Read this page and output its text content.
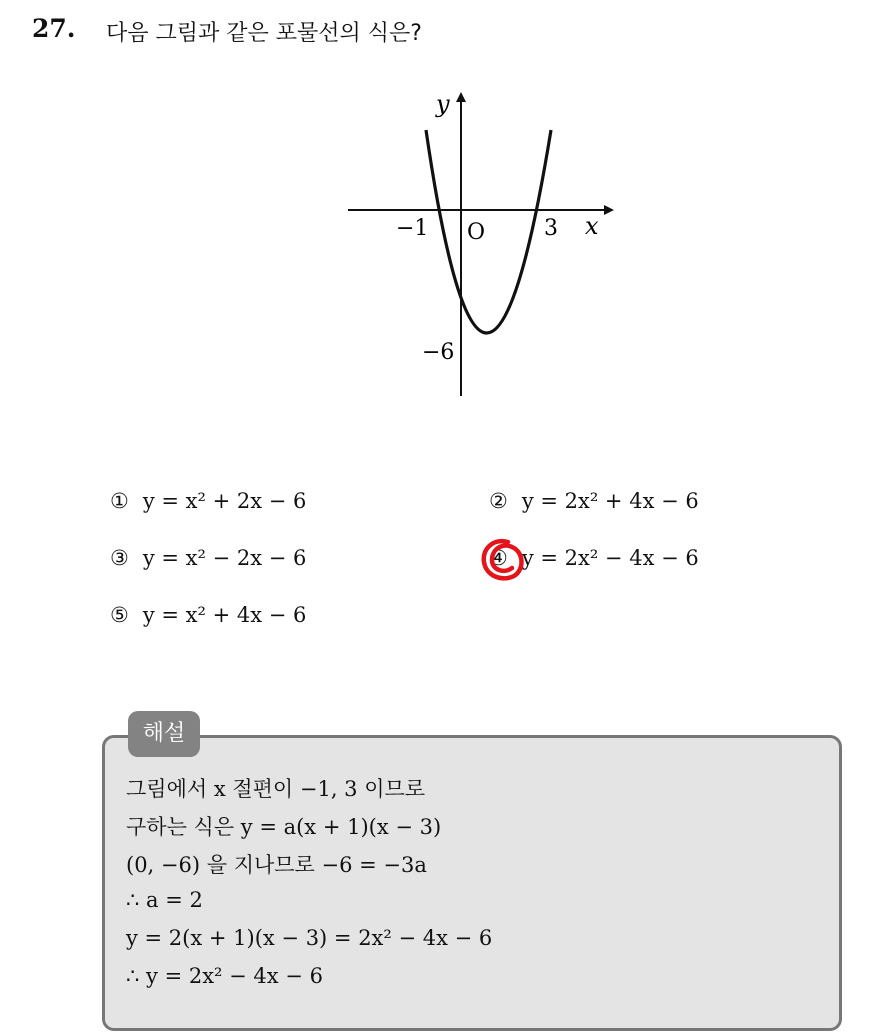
27. 다음 그림과 같은 포물선의 식은?
y
x
O
−1	3
−6
① y = x² + 2x − 6	② y = 2x² + 4x − 6
③ y = x² − 2x − 6	④ y = 2x² − 4x − 6
⑤ y = x² + 4x − 6
해설
그림에서 x 절편이 −1, 3 이므로
구하는 식은 y = a(x + 1)(x − 3)
(0, −6) 을 지나므로 −6 = −3a
∴ a = 2
y = 2(x + 1)(x − 3) = 2x² − 4x − 6
∴ y = 2x² − 4x − 6
